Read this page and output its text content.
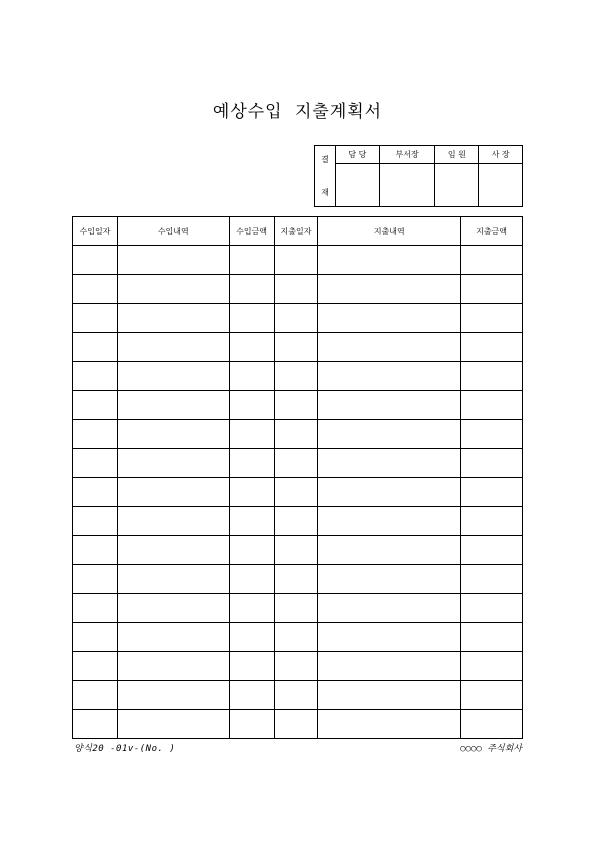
예상수입 지출계획서
결
재	담 당	부서장	임 원	사 장

수입일자	수입내역	수입금액	지출일자	지출내역	지출금액

양식20 -01v-(No. )	○○○○ 주식회사
